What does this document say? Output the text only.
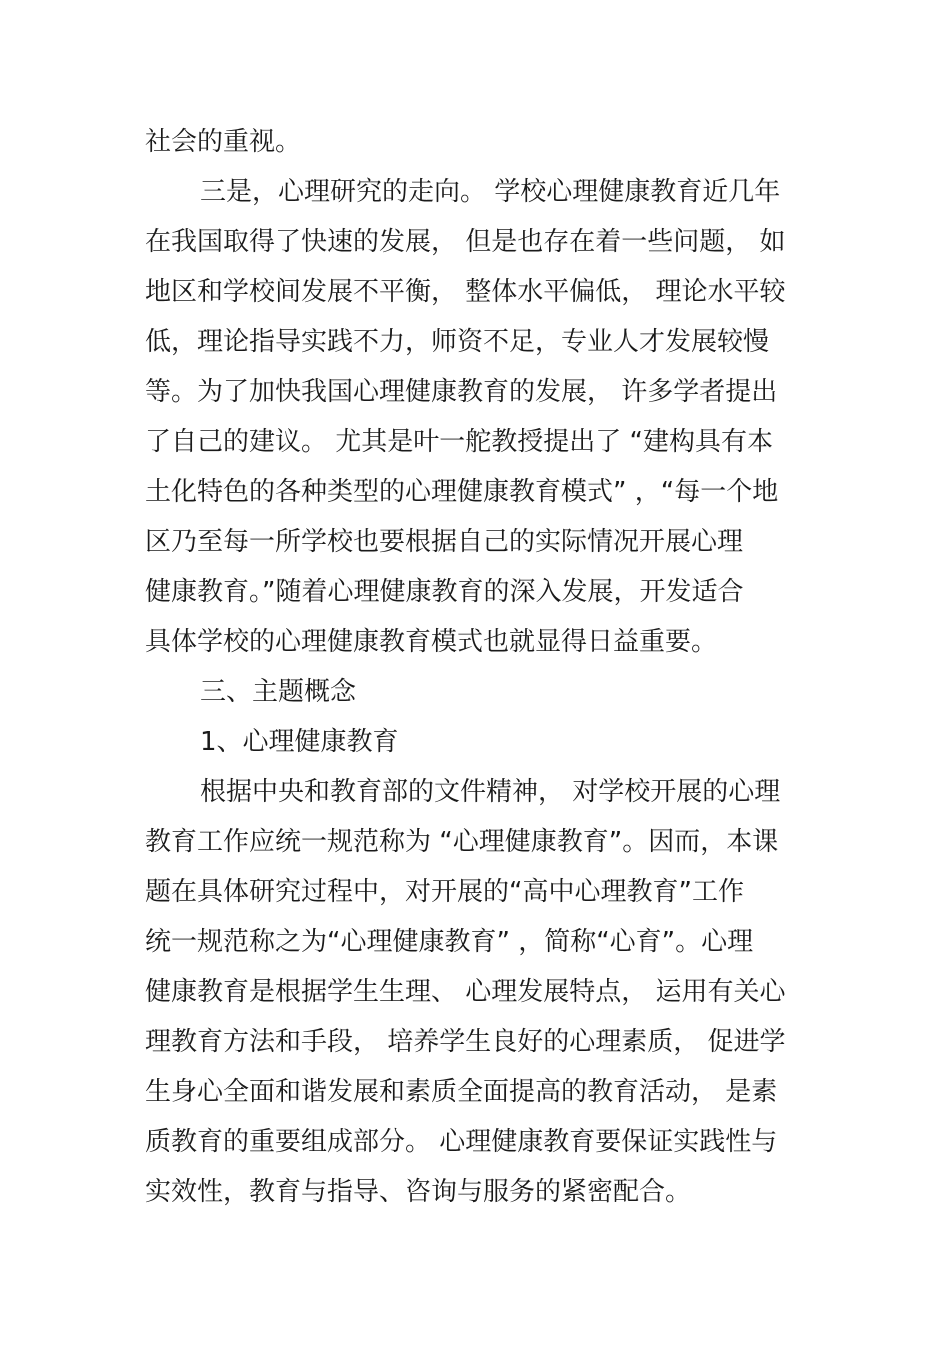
社会的重视。
三是，心理研究的走向。 学校心理健康教育近几年
在我国取得了快速的发展， 但是也存在着一些问题， 如
地区和学校间发展不平衡， 整体水平偏低， 理论水平较
低，理论指导实践不力，师资不足，专业人才发展较慢
等。为了加快我国心理健康教育的发展， 许多学者提出
了自己的建议。 尤其是叶一舵教授提出了 “建构具有本
土化特色的各种类型的心理健康教育模式” ，“每一个地
区乃至每一所学校也要根据自己的实际情况开展心理
健康教育。”随着心理健康教育的深入发展，开发适合
具体学校的心理健康教育模式也就显得日益重要。
三、主题概念
1、心理健康教育
根据中央和教育部的文件精神， 对学校开展的心理
教育工作应统一规范称为 “心理健康教育”。因而，本课
题在具体研究过程中，对开展的“高中心理教育”工作
统一规范称之为“心理健康教育” ，简称“心育”。心理
健康教育是根据学生生理、 心理发展特点， 运用有关心
理教育方法和手段， 培养学生良好的心理素质， 促进学
生身心全面和谐发展和素质全面提高的教育活动， 是素
质教育的重要组成部分。 心理健康教育要保证实践性与
实效性，教育与指导、咨询与服务的紧密配合。
